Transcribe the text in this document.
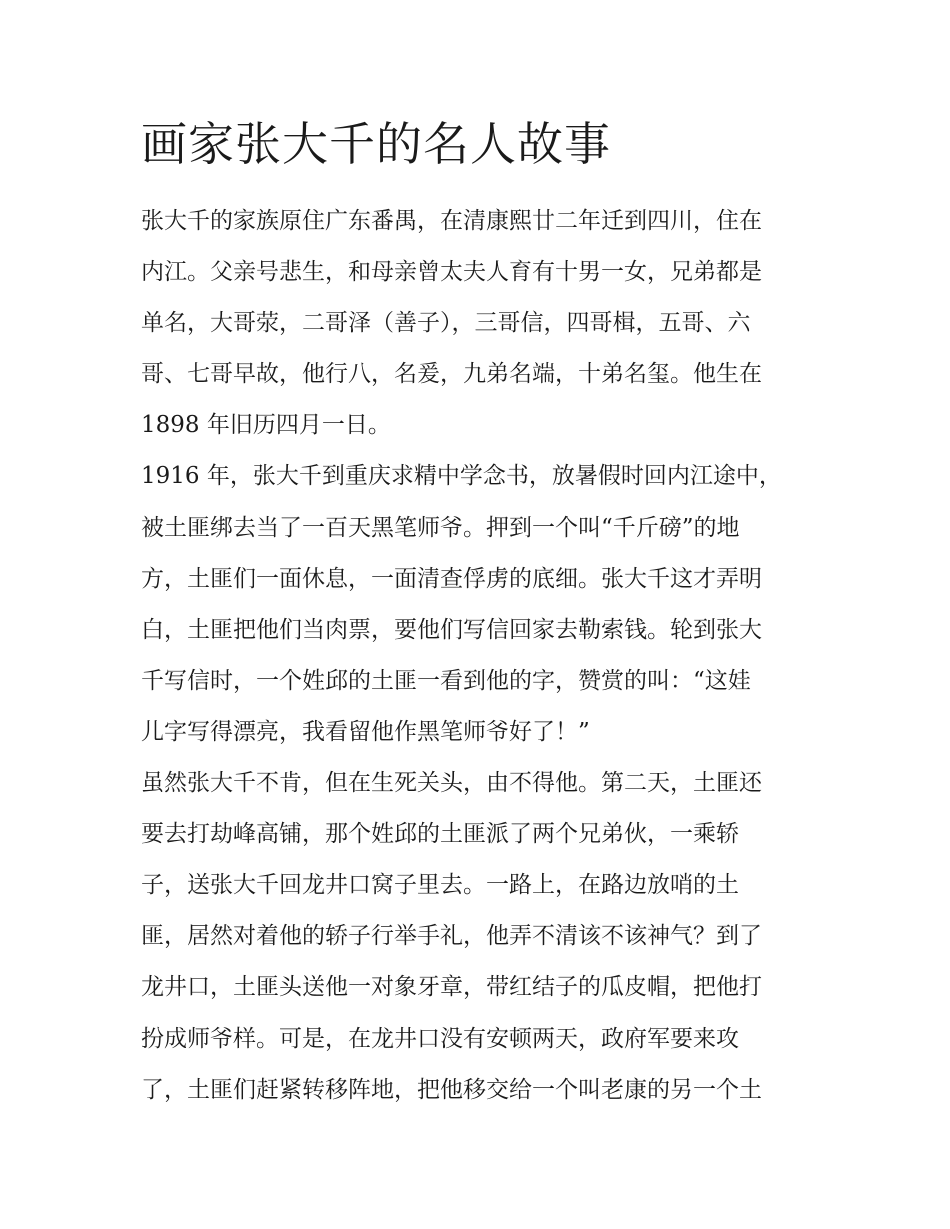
画家张大千的名人故事
张大千的家族原住广东番禺，在清康熙廿二年迁到四川，住在
内江。父亲号悲生，和母亲曾太夫人育有十男一女，兄弟都是
单名，大哥荥，二哥泽（善子），三哥信，四哥楫，五哥、六
哥、七哥早故，他行八，名爰，九弟名端，十弟名玺。他生在
1898 年旧历四月一日。
1916 年，张大千到重庆求精中学念书，放暑假时回内江途中，
被土匪绑去当了一百天黑笔师爷。押到一个叫“千斤磅”的地
方，土匪们一面休息，一面清查俘虏的底细。张大千这才弄明
白，土匪把他们当肉票，要他们写信回家去勒索钱。轮到张大
千写信时，一个姓邱的土匪一看到他的字，赞赏的叫：“这娃
儿字写得漂亮，我看留他作黑笔师爷好了！”
虽然张大千不肯，但在生死关头，由不得他。第二天，土匪还
要去打劫峰高铺，那个姓邱的土匪派了两个兄弟伙，一乘轿
子，送张大千回龙井口窝子里去。一路上，在路边放哨的土
匪，居然对着他的轿子行举手礼，他弄不清该不该神气？到了
龙井口，土匪头送他一对象牙章，带红结子的瓜皮帽，把他打
扮成师爷样。可是，在龙井口没有安顿两天，政府军要来攻
了，土匪们赶紧转移阵地，把他移交给一个叫老康的另一个土
